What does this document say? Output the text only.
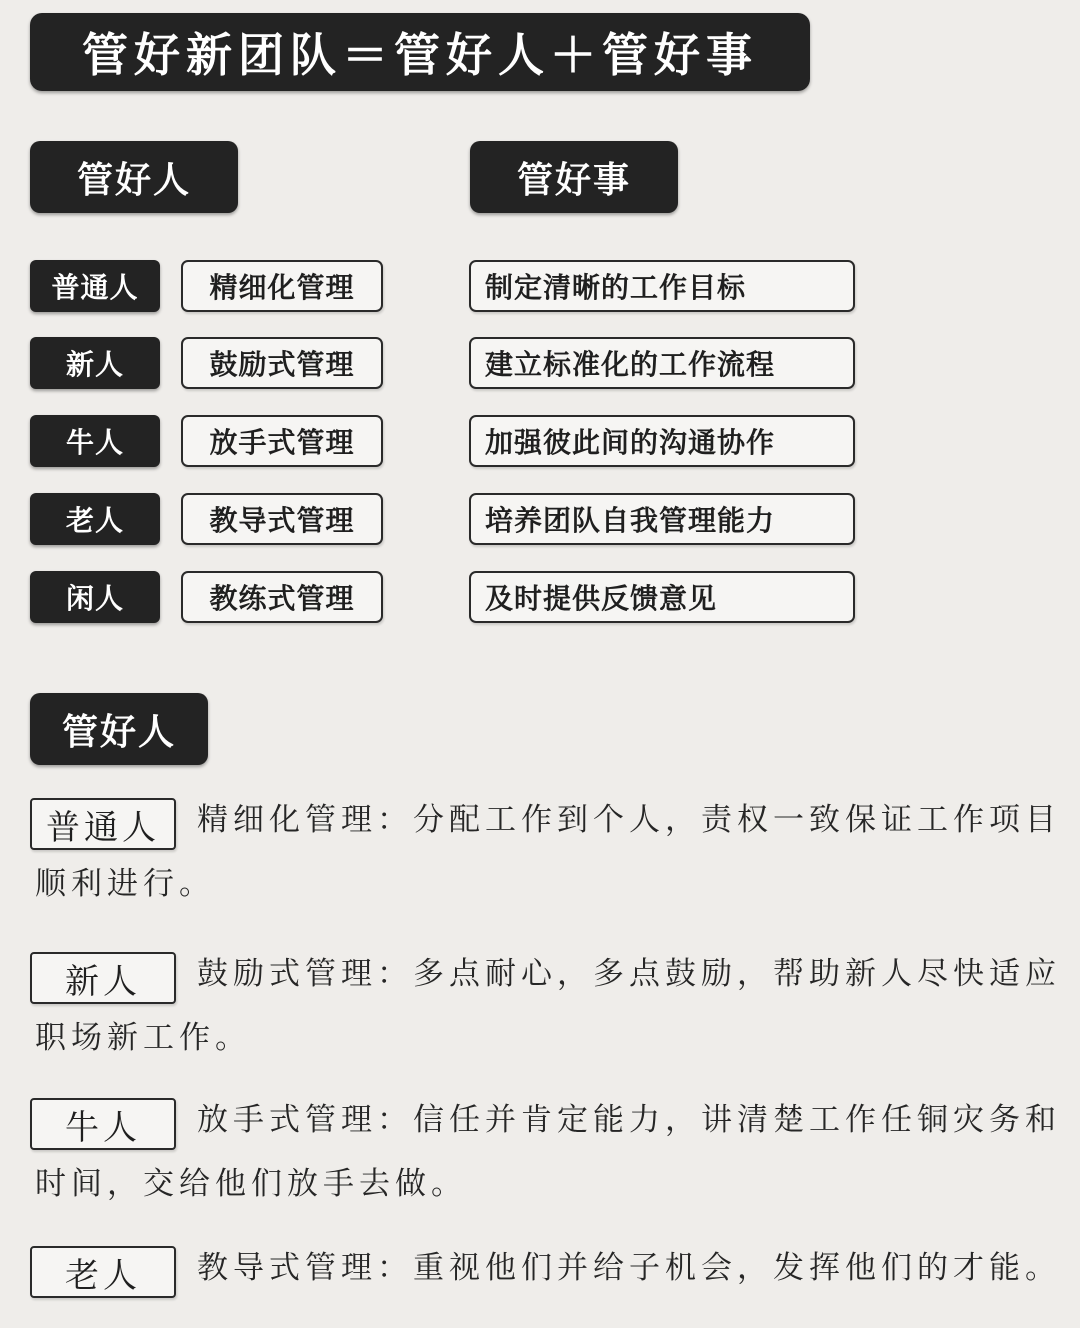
管好新团队＝管好人＋管好事
管好人	管好事
普通人	精细化管理	制定清晰的工作目标
新人	鼓励式管理	建立标准化的工作流程
牛人	放手式管理	加强彼此间的沟通协作
老人	教导式管理	培养团队自我管理能力
闲人	教练式管理	及时提供反馈意见
管好人
普通人	精细化管理：分配工作到个人，责权一致保证工作项目顺利进行。

新人	鼓励式管理：多点耐心，多点鼓励，帮助新人尽快适应职场新工作。

牛人	放手式管理：信任并肯定能力，讲清楚工作任铜灾务和时间，交给他们放手去做。

老人	教导式管理：重视他们并给子机会，发挥他们的才能。
